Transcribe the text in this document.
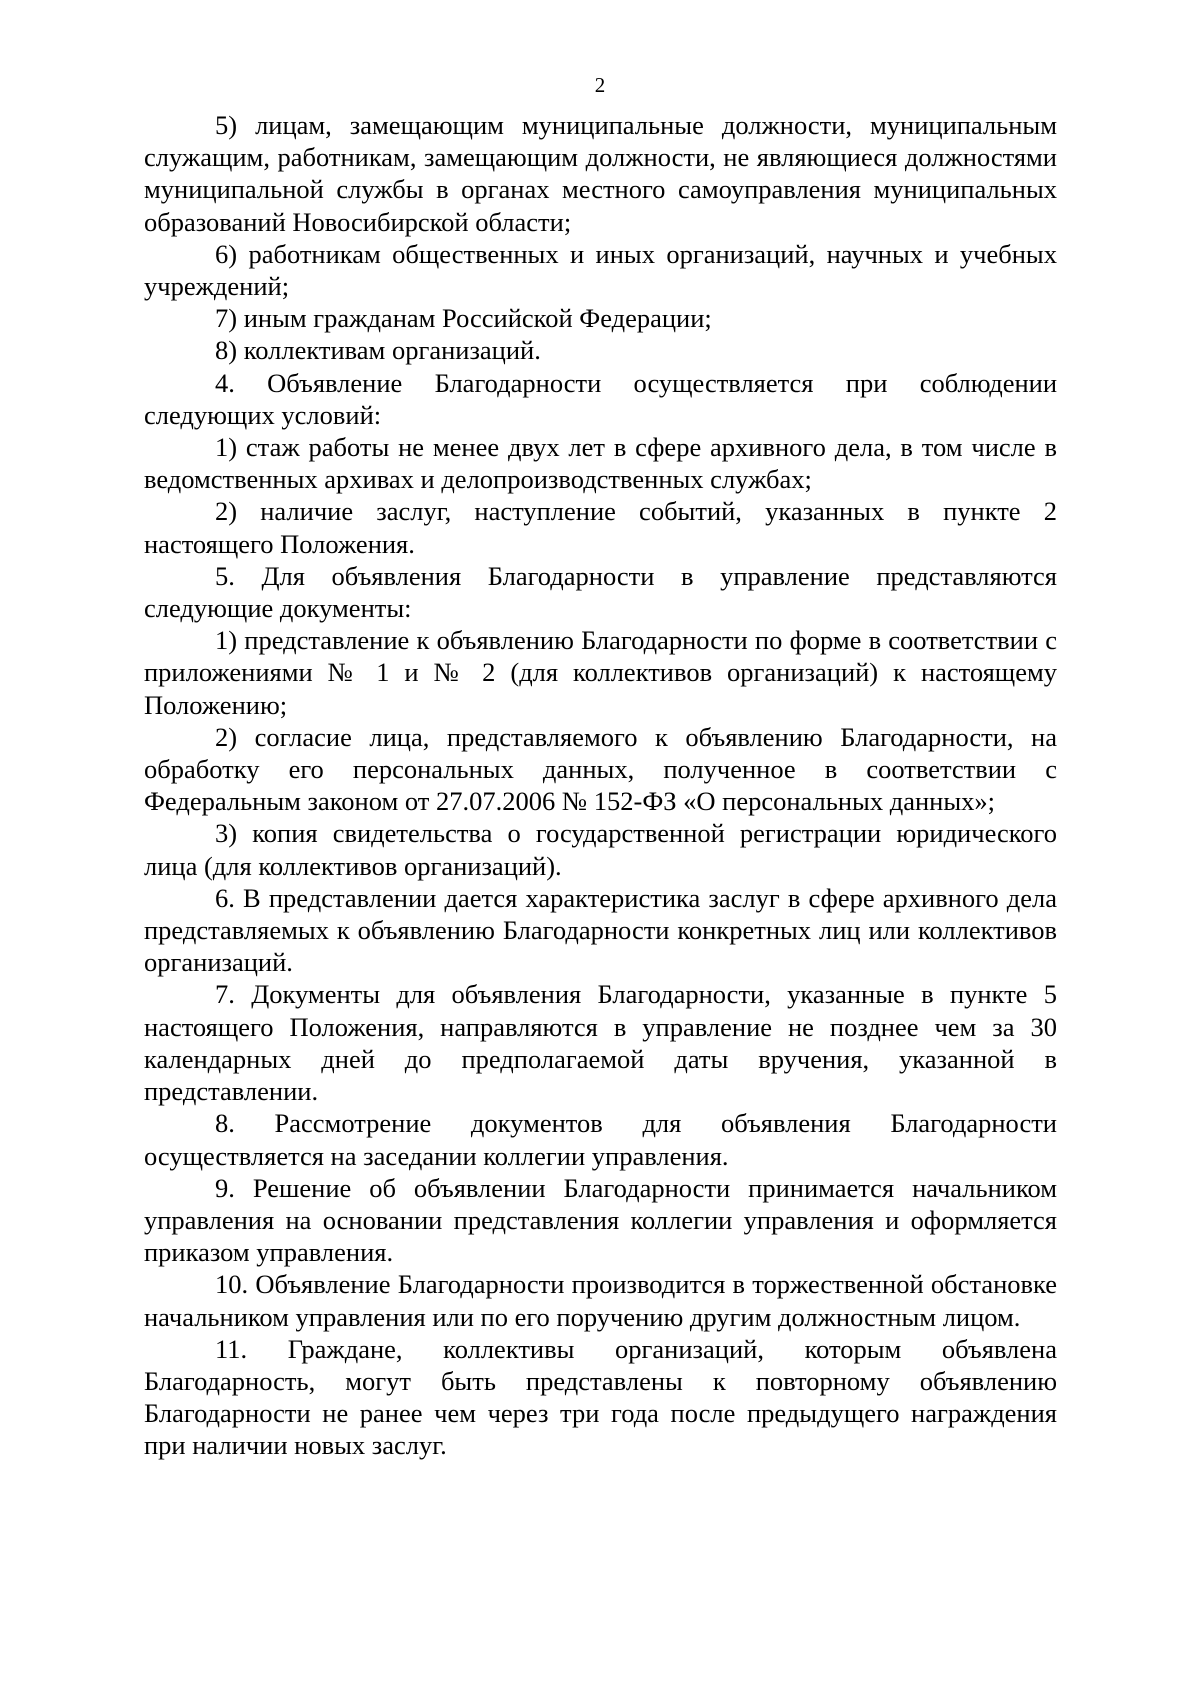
2

5) лицам, замещающим муниципальные должности, муниципальным служащим, работникам, замещающим должности, не являющиеся должностями муниципальной службы в органах местного самоуправления муниципальных образований Новосибирской области;

6) работникам общественных и иных организаций, научных и учебных учреждений;

7) иным гражданам Российской Федерации;

8) коллективам организаций.

4. Объявление Благодарности осуществляется при соблюдении следующих условий:

1) стаж работы не менее двух лет в сфере архивного дела, в том числе в ведомственных архивах и делопроизводственных службах;

2) наличие заслуг, наступление событий, указанных в пункте 2 настоящего Положения.

5. Для объявления Благодарности в управление представляются следующие документы:

1) представление к объявлению Благодарности по форме в соответствии с приложениями № 1 и № 2 (для коллективов организаций) к настоящему Положению;

2) согласие лица, представляемого к объявлению Благодарности, на обработку его персональных данных, полученное в соответствии с Федеральным законом от 27.07.2006 № 152-ФЗ «О персональных данных»;

3) копия свидетельства о государственной регистрации юридического лица (для коллективов организаций).

6. В представлении дается характеристика заслуг в сфере архивного дела представляемых к объявлению Благодарности конкретных лиц или коллективов организаций.

7. Документы для объявления Благодарности, указанные в пункте 5 настоящего Положения, направляются в управление не позднее чем за 30 календарных дней до предполагаемой даты вручения, указанной в представлении.

8. Рассмотрение документов для объявления Благодарности осуществляется на заседании коллегии управления.

9. Решение об объявлении Благодарности принимается начальником управления на основании представления коллегии управления и оформляется приказом управления.

10. Объявление Благодарности производится в торжественной обстановке начальником управления или по его поручению другим должностным лицом.

11. Граждане, коллективы организаций, которым объявлена Благодарность, могут быть представлены к повторному объявлению Благодарности не ранее чем через три года после предыдущего награждения при наличии новых заслуг.
